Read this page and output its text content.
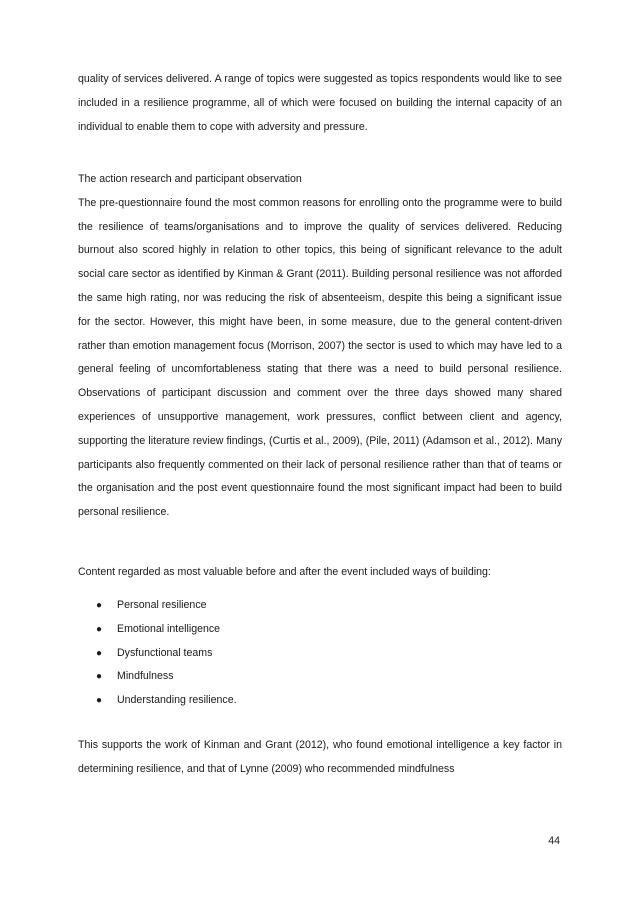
quality of services delivered. A range of topics were suggested as topics respondents would like to see included in a resilience programme, all of which were focused on building the internal capacity of an individual to enable them to cope with adversity and pressure.

The action research and participant observation

The pre-questionnaire found the most common reasons for enrolling onto the programme were to build the resilience of teams/organisations and to improve the quality of services delivered. Reducing burnout also scored highly in relation to other topics, this being of significant relevance to the adult social care sector as identified by Kinman & Grant (2011). Building personal resilience was not afforded the same high rating, nor was reducing the risk of absenteeism, despite this being a significant issue for the sector. However, this might have been, in some measure, due to the general content-driven rather than emotion management focus (Morrison, 2007) the sector is used to which may have led to a general feeling of uncomfortableness stating that there was a need to build personal resilience. Observations of participant discussion and comment over the three days showed many shared experiences of unsupportive management, work pressures, conflict between client and agency, supporting the literature review findings, (Curtis et al., 2009), (Pile, 2011) (Adamson et al., 2012). Many participants also frequently commented on their lack of personal resilience rather than that of teams or the organisation and the post event questionnaire found the most significant impact had been to build personal resilience.

Content regarded as most valuable before and after the event included ways of building:

● Personal resilience
● Emotional intelligence
● Dysfunctional teams
● Mindfulness
● Understanding resilience.

This supports the work of Kinman and Grant (2012), who found emotional intelligence a key factor in determining resilience, and that of Lynne (2009) who recommended mindfulness

44
